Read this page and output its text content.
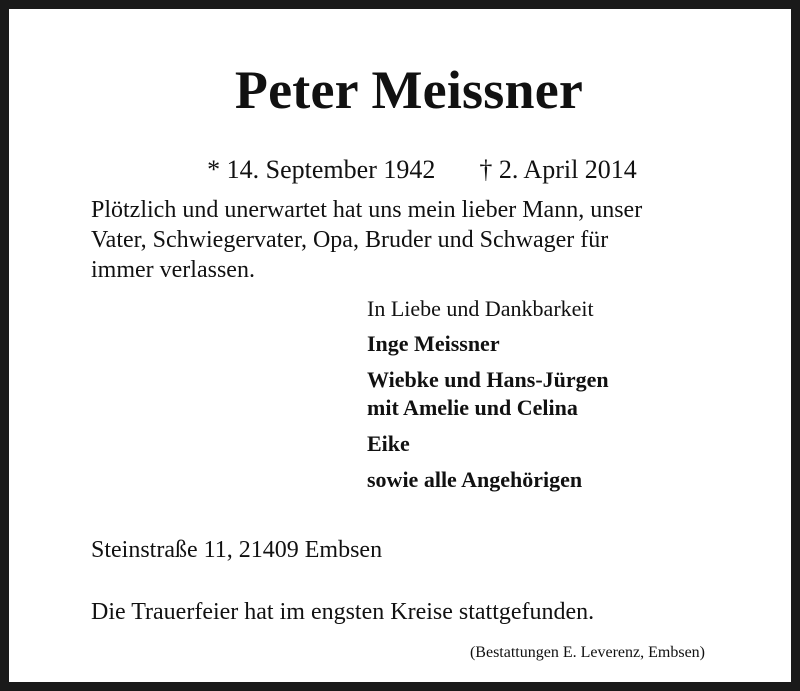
Peter Meissner

* 14. September 1942 † 2. April 2014

Plötzlich und unerwartet hat uns mein lieber Mann, unser
Vater, Schwiegervater, Opa, Bruder und Schwager für
immer verlassen.
In Liebe und Dankbarkeit
Inge Meissner
Wiebke und Hans-Jürgen
mit Amelie und Celina
Eike
sowie alle Angehörigen
Steinstraße 11, 21409 Embsen
Die Trauerfeier hat im engsten Kreise stattgefunden.
(Bestattungen E. Leverenz, Embsen)
